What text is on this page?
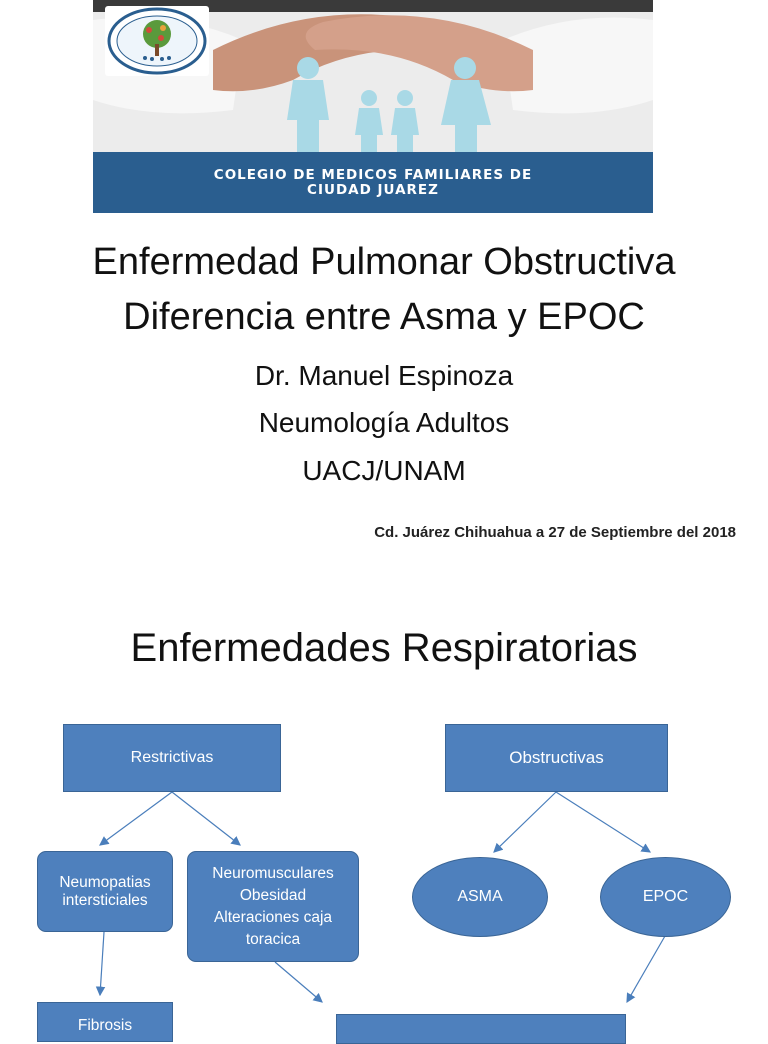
COLEGIO DE MEDICOS FAMILIARES DE
CIUDAD JUAREZ
Enfermedad Pulmonar Obstructiva
Diferencia entre Asma y EPOC
Dr. Manuel Espinoza
Neumología Adultos
UACJ/UNAM
Cd. Juárez Chihuahua a 27 de Septiembre del 2018
Enfermedades Respiratorias
Restrictivas	Obstructivas
Neumopatias intersticiales
Neuromusculares
Obesidad
Alteraciones caja toracica
ASMA	EPOC
Fibrosis
